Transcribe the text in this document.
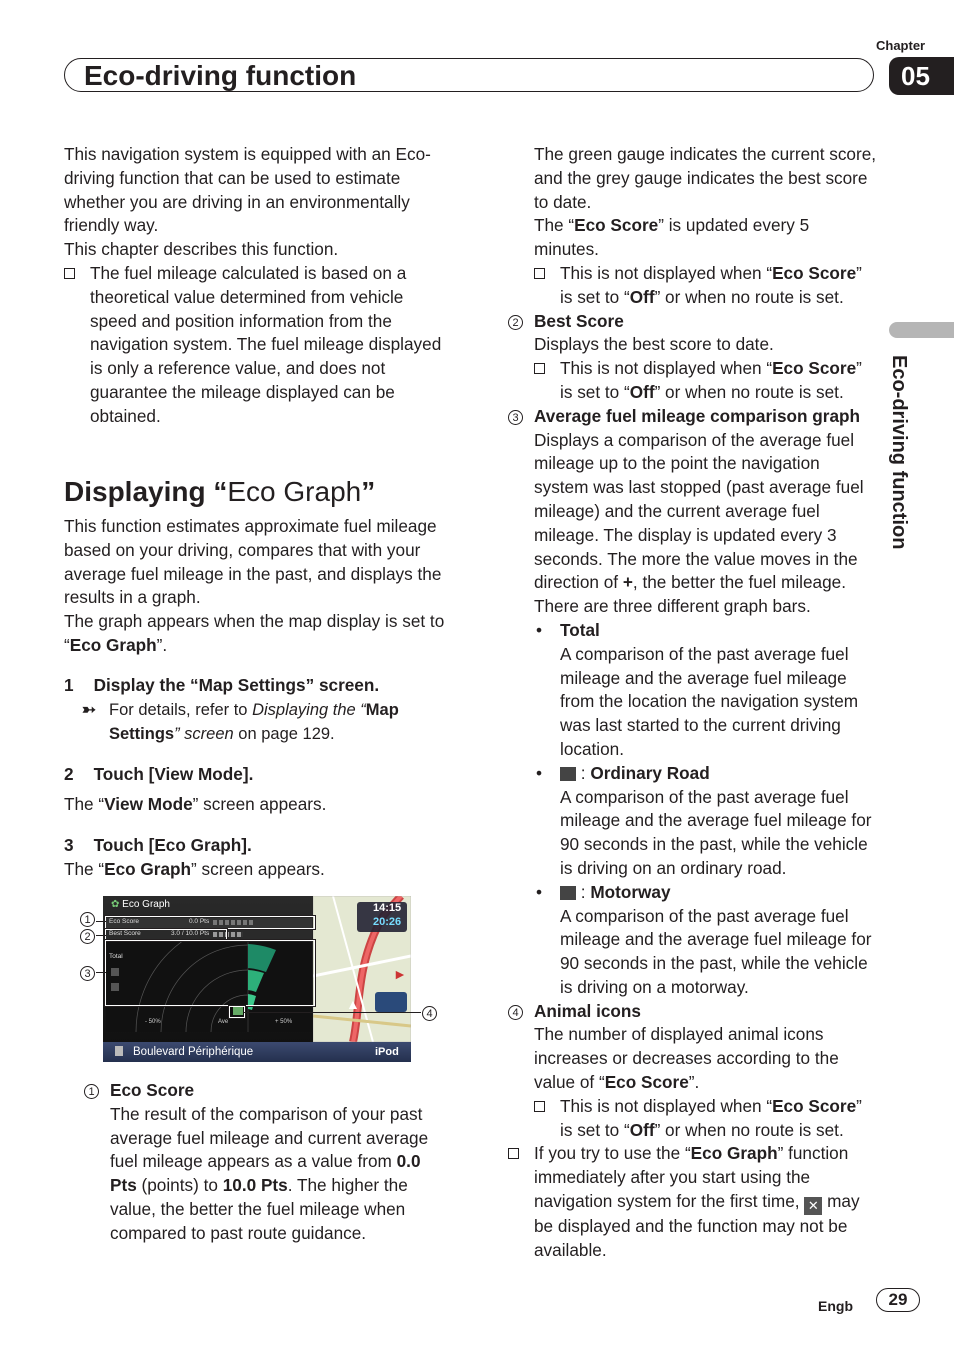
Eco-driving function
Chapter
05
Eco-driving function

This navigation system is equipped with an Eco-driving function that can be used to estimate whether you are driving in an environmentally friendly way.

This chapter describes this function.

The fuel mileage calculated is based on a theoretical value determined from vehicle speed and position information from the navigation system. The fuel mileage displayed is only a reference value, and does not guarantee the mileage displayed can be obtained.
Displaying “Eco Graph”

This function estimates approximate fuel mileage based on your driving, compares that with your average fuel mileage in the past, and displays the results in a graph.

The graph appears when the map display is set to “Eco Graph”.

1 Display the “Map Settings” screen.
➳ For details, refer to Displaying the “Map Settings” screen on page 129.
2 Touch [View Mode].
The “View Mode” screen appears.
3 Touch [Eco Graph].
The “Eco Graph” screen appears.
✿ Eco Graph
Eco Score	0.0 Pts
Best Score	3.0 / 10.0 Pts
Total
- 50%	Ave	+ 50%
14:15
20:26
▲
►
Boulevard Périphérique	iPod
1
2
3
4
1 Eco Score
The result of the comparison of your past average fuel mileage and current average fuel mileage appears as a value from 0.0 Pts (points) to 10.0 Pts. The higher the value, the better the fuel mileage when compared to past route guidance.

The green gauge indicates the current score, and the grey gauge indicates the best score to date.

The “Eco Score” is updated every 5 minutes.

This is not displayed when “Eco Score” is set to “Off” or when no route is set.
2 Best Score

Displays the best score to date.

This is not displayed when “Eco Score” is set to “Off” or when no route is set.
3 Average fuel mileage comparison graph

Displays a comparison of the average fuel mileage up to the point the navigation system was last stopped (past average fuel mileage) and the current average fuel mileage. The display is updated every 3 seconds. The more the value moves in the direction of +, the better the fuel mileage.

There are three different graph bars.

• Total
A comparison of the past average fuel mileage and the average fuel mileage from the location the navigation system was last started to the current driving location.
• : Ordinary Road
A comparison of the past average fuel mileage and the average fuel mileage for 90 seconds in the past, while the vehicle is driving on an ordinary road.
• : Motorway
A comparison of the past average fuel mileage and the average fuel mileage for 90 seconds in the past, while the vehicle is driving on a motorway.
4 Animal icons

The number of displayed animal icons increases or decreases according to the value of “Eco Score”.

This is not displayed when “Eco Score” is set to “Off” or when no route is set.
If you try to use the “Eco Graph” function immediately after you start using the navigation system for the first time, ✕ may be displayed and the function may not be available.
Engb	29
